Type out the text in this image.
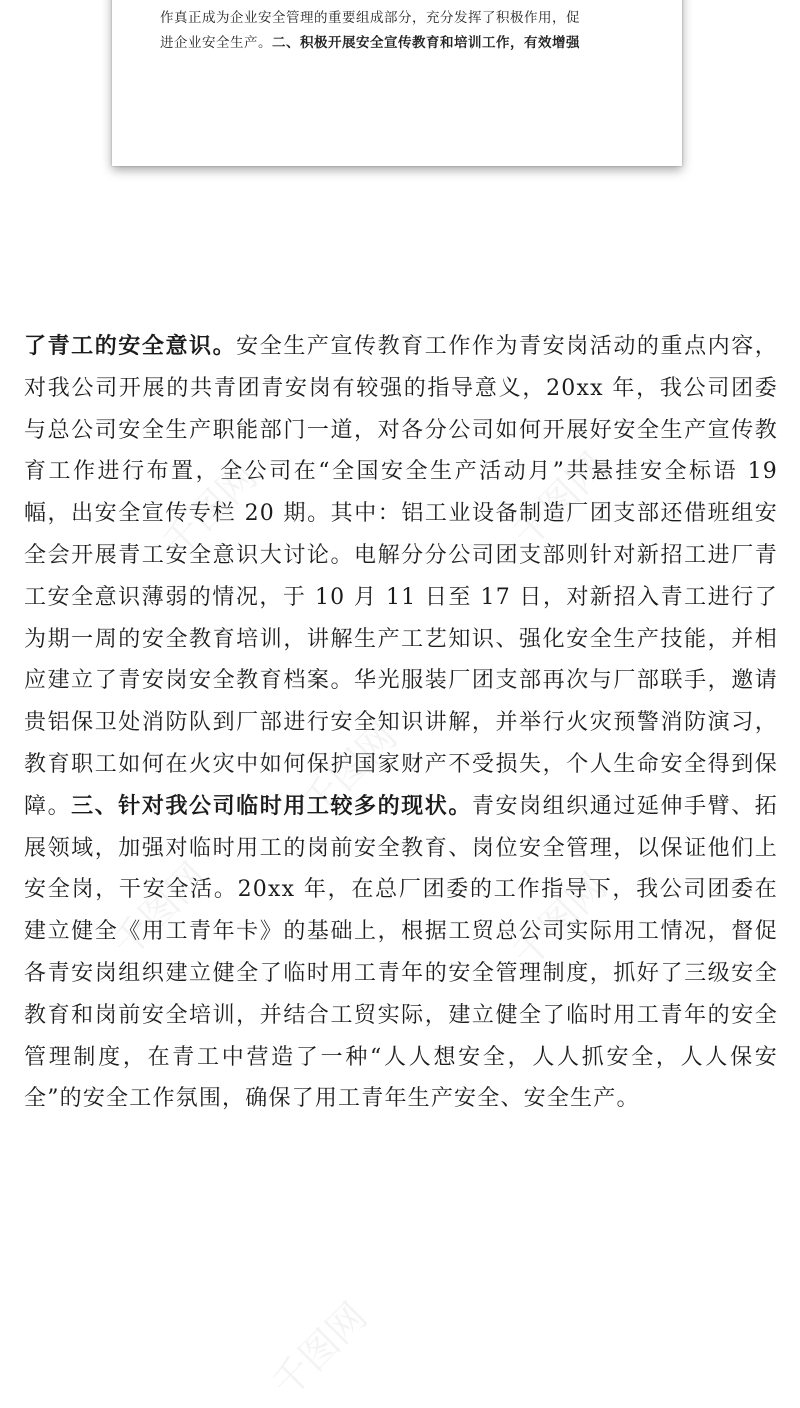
作真正成为企业安全管理的重要组成部分，充分发挥了积极作用，促
进企业安全生产。二、积极开展安全宣传教育和培训工作，有效增强
千图网	千图网
千图网
千图网	千图网
千图网
了青工的安全意识。安全生产宣传教育工作作为青安岗活动的重点内容，对我公司开展的共青团青安岗有较强的指导意义，20xx 年，我公司团委与总公司安全生产职能部门一道，对各分公司如何开展好安全生产宣传教育工作进行布置，全公司在“全国安全生产活动月”共悬挂安全标语 19 幅，出安全宣传专栏 20 期。其中：铝工业设备制造厂团支部还借班组安全会开展青工安全意识大讨论。电解分分公司团支部则针对新招工进厂青工安全意识薄弱的情况，于 10 月 11 日至 17 日，对新招入青工进行了为期一周的安全教育培训，讲解生产工艺知识、强化安全生产技能，并相应建立了青安岗安全教育档案。华光服装厂团支部再次与厂部联手，邀请贵铝保卫处消防队到厂部进行安全知识讲解，并举行火灾预警消防演习，教育职工如何在火灾中如何保护国家财产不受损失，个人生命安全得到保障。三、针对我公司临时用工较多的现状。青安岗组织通过延伸手臂、拓展领域，加强对临时用工的岗前安全教育、岗位安全管理，以保证他们上安全岗，干安全活。20xx 年，在总厂团委的工作指导下，我公司团委在建立健全《用工青年卡》的基础上，根据工贸总公司实际用工情况，督促各青安岗组织建立健全了临时用工青年的安全管理制度，抓好了三级安全教育和岗前安全培训，并结合工贸实际，建立健全了临时用工青年的安全管理制度，在青工中营造了一种“人人想安全，人人抓安全，人人保安全”的安全工作氛围，确保了用工青年生产安全、安全生产。
